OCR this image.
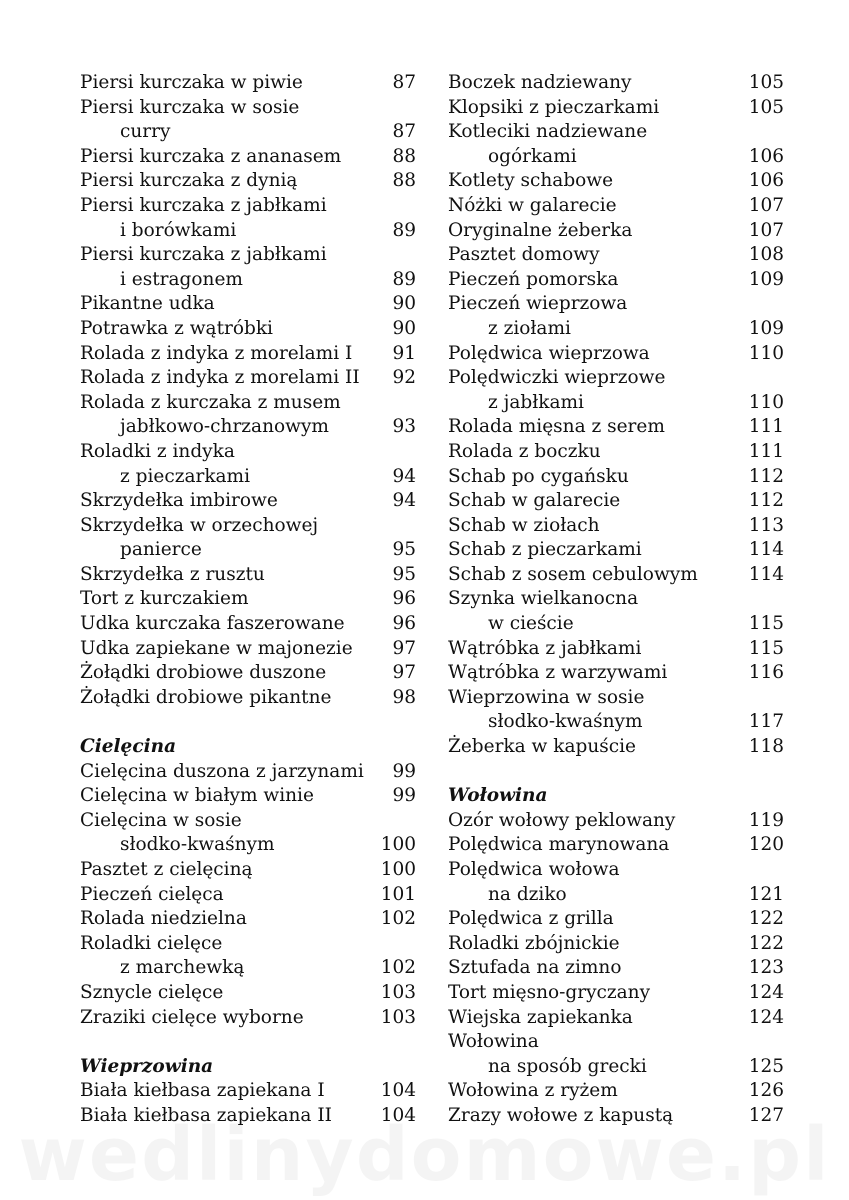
Piersi kurczaka w piwie	87
Piersi kurczaka w sosie
curry	87
Piersi kurczaka z ananasem	88
Piersi kurczaka z dynią	88
Piersi kurczaka z jabłkami
i borówkami	89
Piersi kurczaka z jabłkami
i estragonem	89
Pikantne udka	90
Potrawka z wątróbki	90
Rolada z indyka z morelami I 91
Rolada z indyka z morelami II 92
Rolada z kurczaka z musem
jabłkowo-chrzanowym	93
Roladki z indyka
z pieczarkami	94
Skrzydełka imbirowe	94
Skrzydełka w orzechowej
panierce	95
Skrzydełka z rusztu	95
Tort z kurczakiem	96
Udka kurczaka faszerowane	96
Udka zapiekane w majonezie 97
Żołądki drobiowe duszone	97
Żołądki drobiowe pikantne	98
Cielęcina
Cielęcina duszona z jarzynami 99
Cielęcina w białym winie	99
Cielęcina w sosie
słodko-kwaśnym	100
Pasztet z cielęciną	100
Pieczeń cielęca	101
Rolada niedzielna	102
Roladki cielęce
z marchewką	102
Sznycle cielęce	103
Zraziki cielęce wyborne	103
Wieprzowina
Biała kiełbasa zapiekana I	104
Biała kiełbasa zapiekana II	104
Boczek nadziewany	105
Klopsiki z pieczarkami	105
Kotleciki nadziewane
ogórkami	106
Kotlety schabowe	106
Nóżki w galarecie	107
Oryginalne żeberka	107
Pasztet domowy	108
Pieczeń pomorska	109
Pieczeń wieprzowa
z ziołami	109
Polędwica wieprzowa	110
Polędwiczki wieprzowe
z jabłkami	110
Rolada mięsna z serem	111
Rolada z boczku	111
Schab po cygańsku	112
Schab w galarecie	112
Schab w ziołach	113
Schab z pieczarkami	114
Schab z sosem cebulowym	114
Szynka wielkanocna
w cieście	115
Wątróbka z jabłkami	115
Wątróbka z warzywami	116
Wieprzowina w sosie
słodko-kwaśnym	117
Żeberka w kapuście	118
Wołowina
Ozór wołowy peklowany	119
Polędwica marynowana	120
Polędwica wołowa
na dziko	121
Polędwica z grilla	122
Roladki zbójnickie	122
Sztufada na zimno	123
Tort mięsno-gryczany	124
Wiejska zapiekanka	124
Wołowina
na sposób grecki	125
Wołowina z ryżem	126
Zrazy wołowe z kapustą	127
